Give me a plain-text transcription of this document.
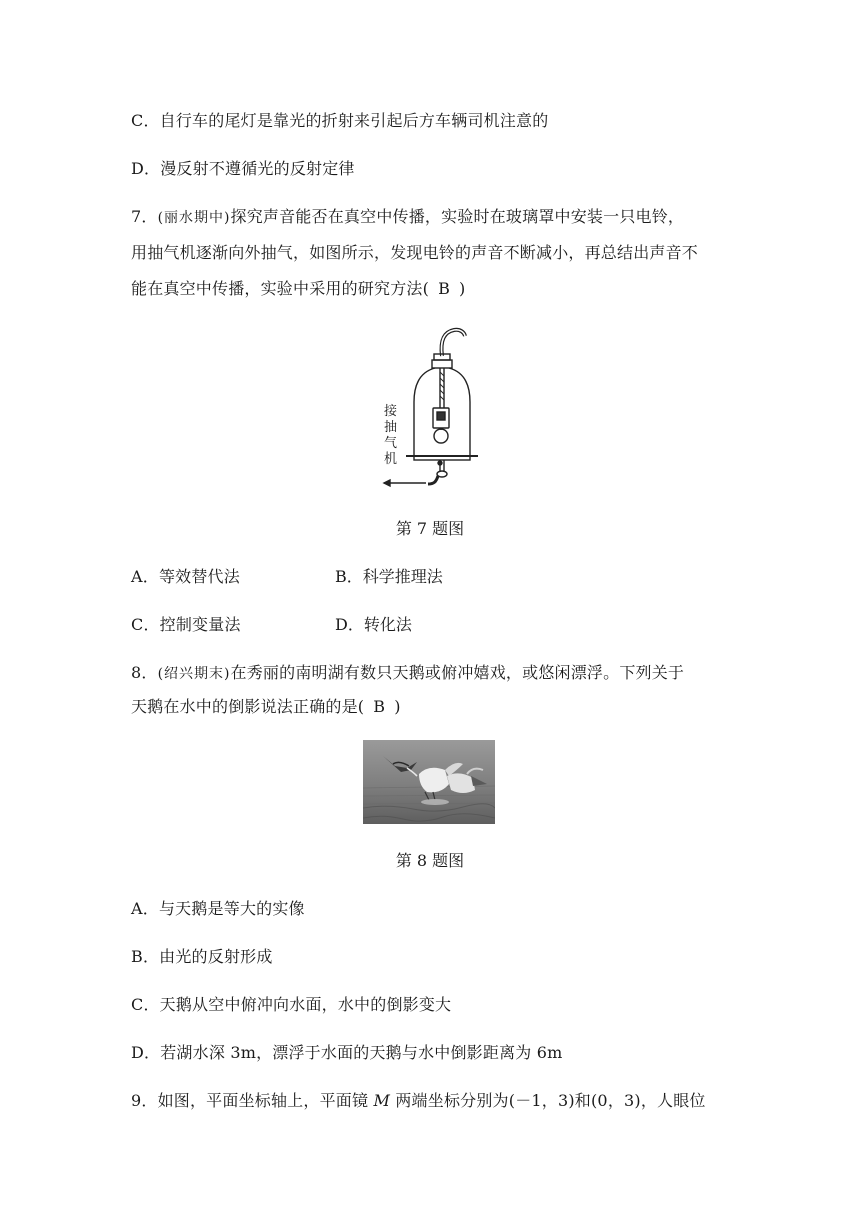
C．自行车的尾灯是靠光的折射来引起后方车辆司机注意的
D．漫反射不遵循光的反射定律
7．(丽水期中)探究声音能否在真空中传播，实验时在玻璃罩中安装一只电铃，
用抽气机逐渐向外抽气，如图所示，发现电铃的声音不断减小，再总结出声音不
能在真空中传播，实验中采用的研究方法( B )
接
抽
气
机
第 7 题图
A．等效替代法	B．科学推理法
C．控制变量法	D．转化法
8．(绍兴期末)在秀丽的南明湖有数只天鹅或俯冲嬉戏，或悠闲漂浮。下列关于
天鹅在水中的倒影说法正确的是( B )
第 8 题图
A．与天鹅是等大的实像
B．由光的反射形成
C．天鹅从空中俯冲向水面，水中的倒影变大
D．若湖水深 3m，漂浮于水面的天鹅与水中倒影距离为 6m
9．如图，平面坐标轴上，平面镜 M 两端坐标分别为(－1，3)和(0，3)，人眼位
